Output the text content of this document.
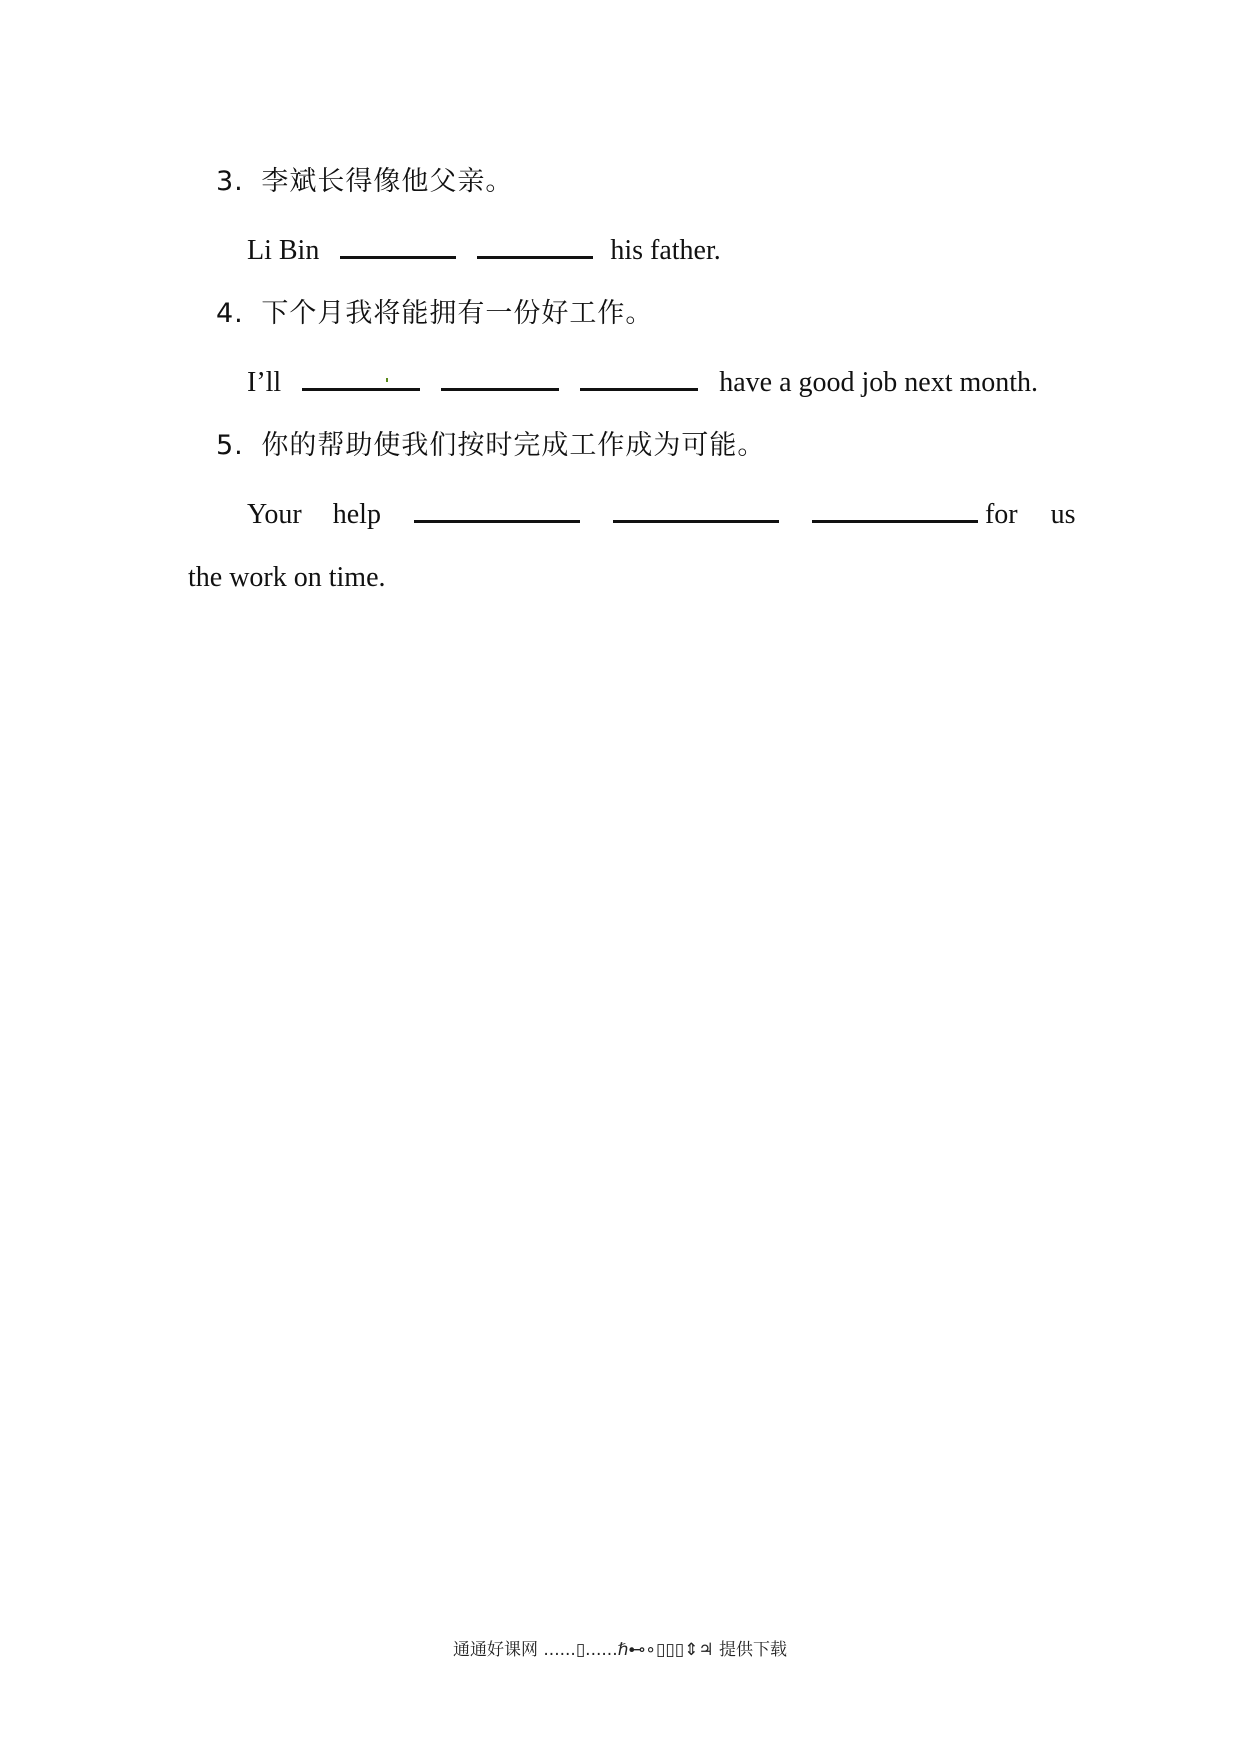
3. 李斌长得像他父亲。
Li Bin	his father.
4. 下个月我将能拥有一份好工作。
I’ll	have a good job next month.
5. 你的帮助使我们按时完成工作成为可能。
Your help	for us
the work on time.
通通好课网 ......▯......ℏ⊷∘▯▯▯⇕♃ 提供下载
